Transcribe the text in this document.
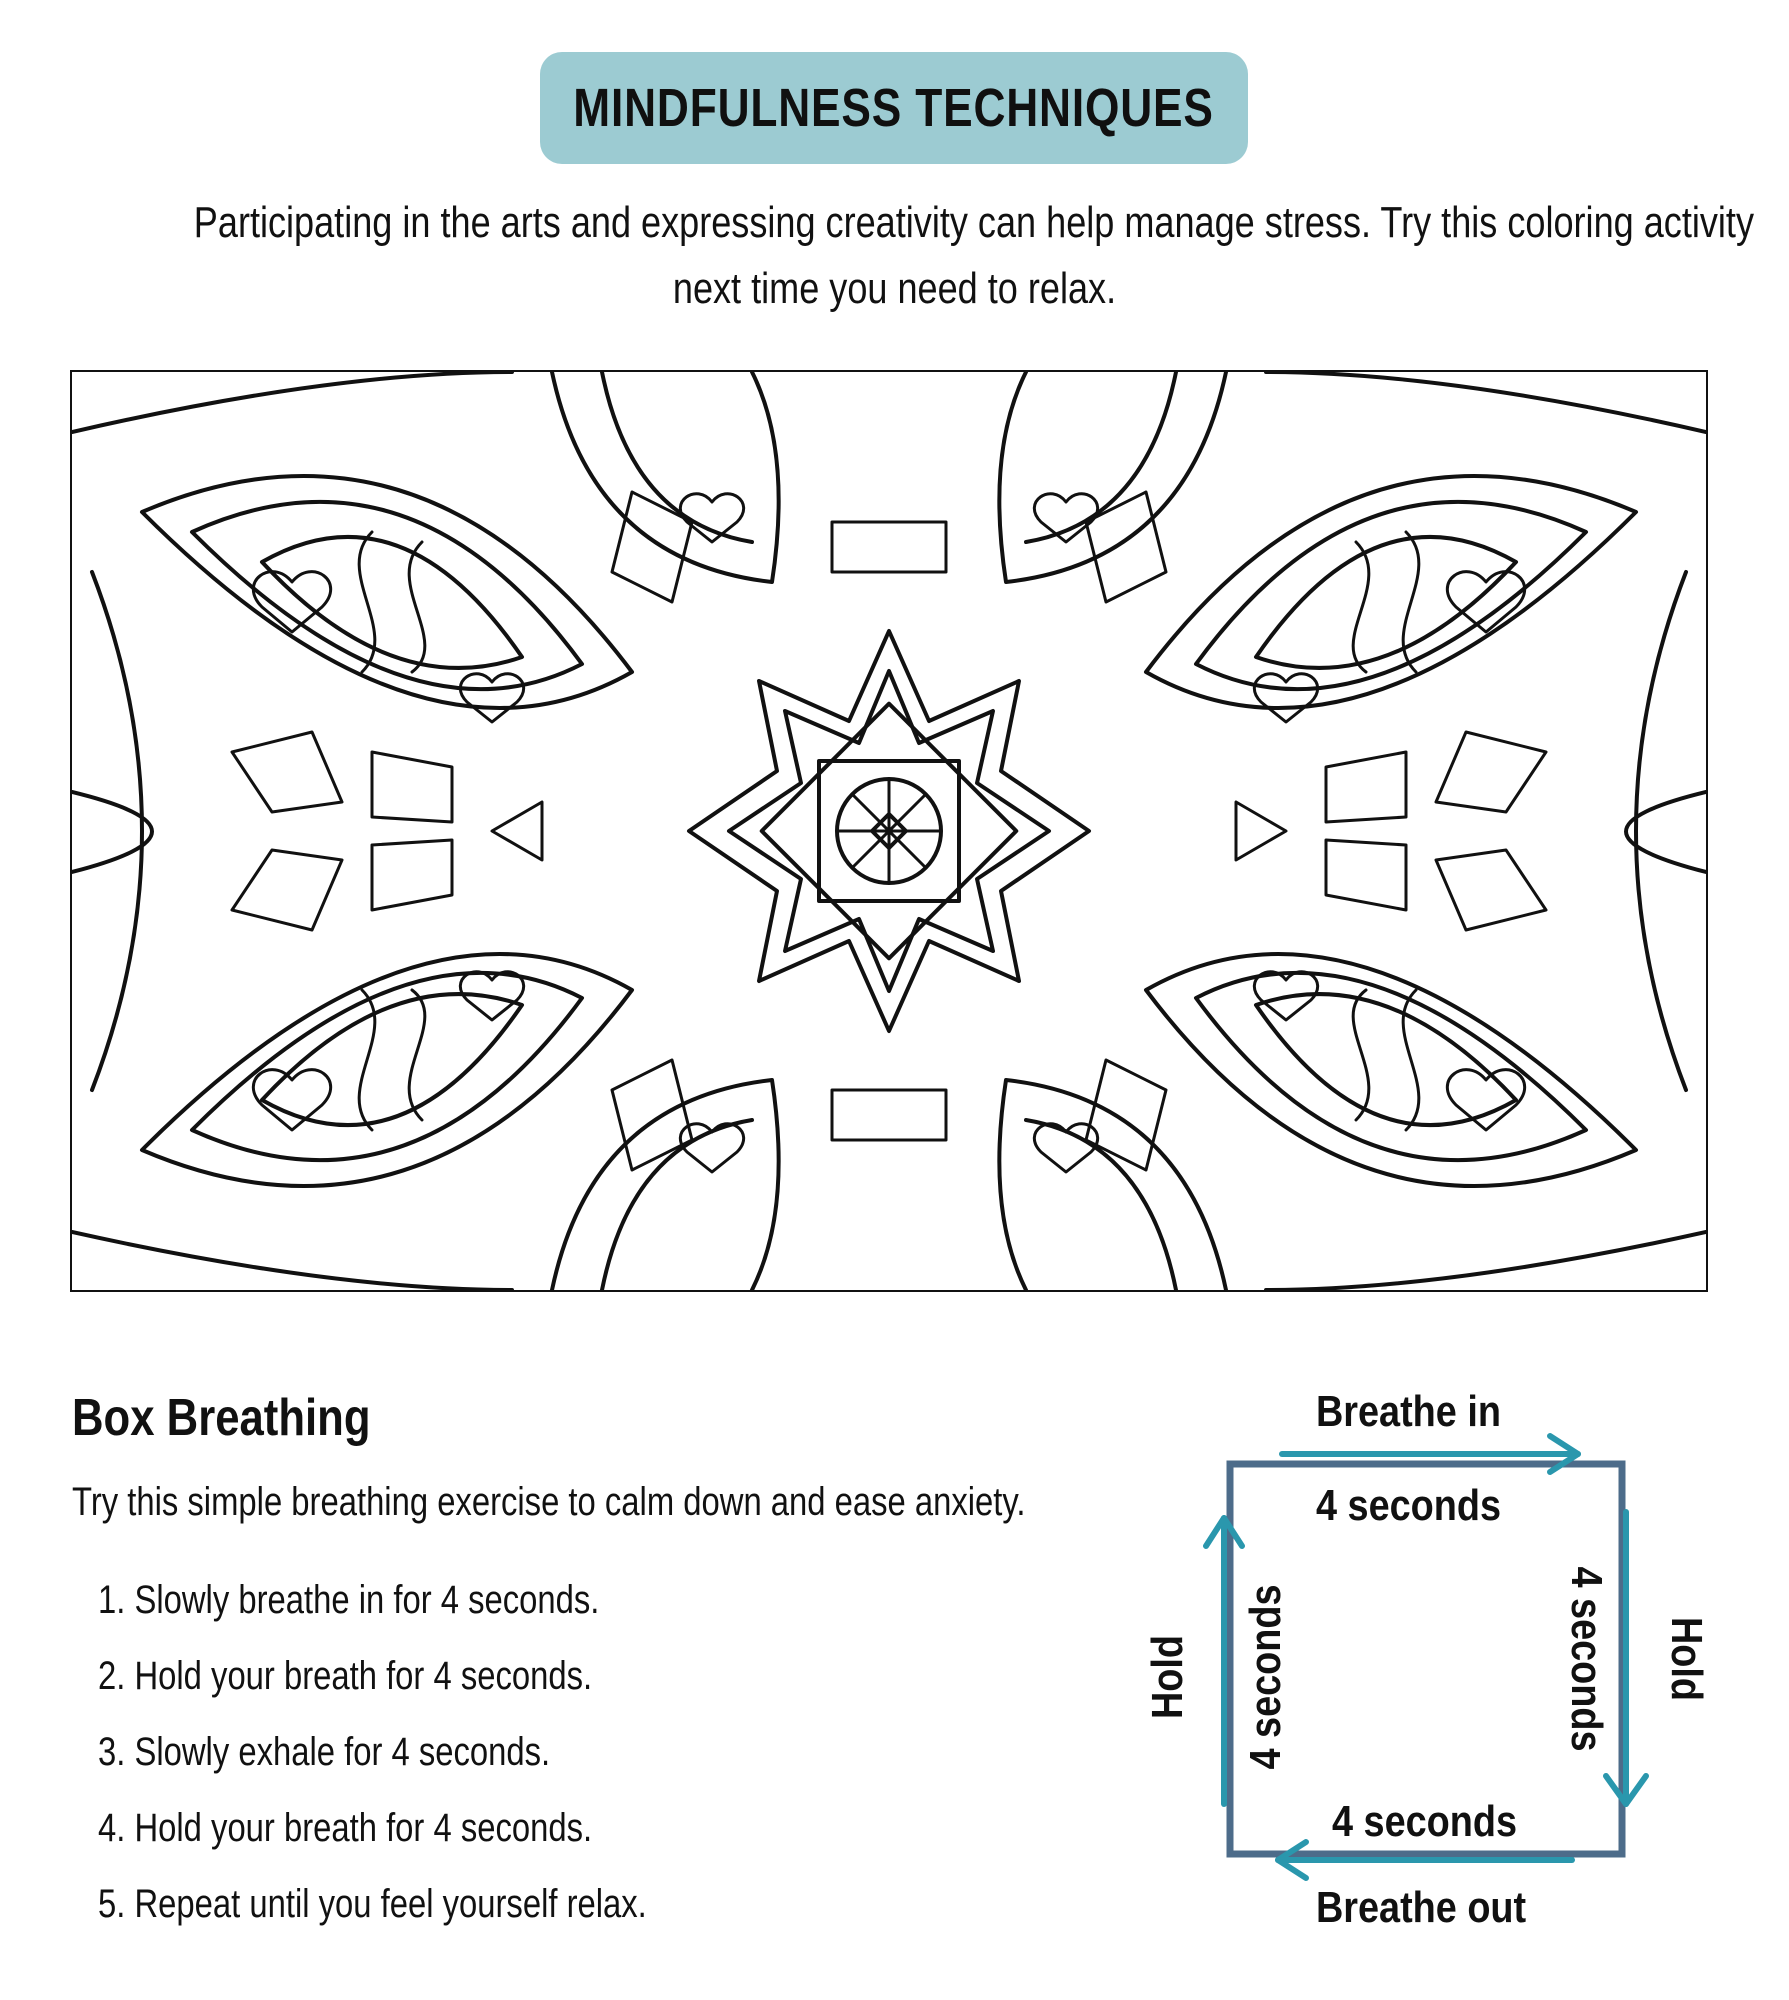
MINDFULNESS TECHNIQUES
Participating in the arts and expressing creativity can help manage stress. Try this coloring activity
next time you need to relax.
Box Breathing
Try this simple breathing exercise to calm down and ease anxiety.
1. Slowly breathe in for 4 seconds.
2. Hold your breath for 4 seconds.
3. Slowly exhale for 4 seconds.
4. Hold your breath for 4 seconds.
5. Repeat until you feel yourself relax.
Breathe in
4 seconds
4 seconds
Breathe out
4 seconds Hold
4 seconds
Hold
